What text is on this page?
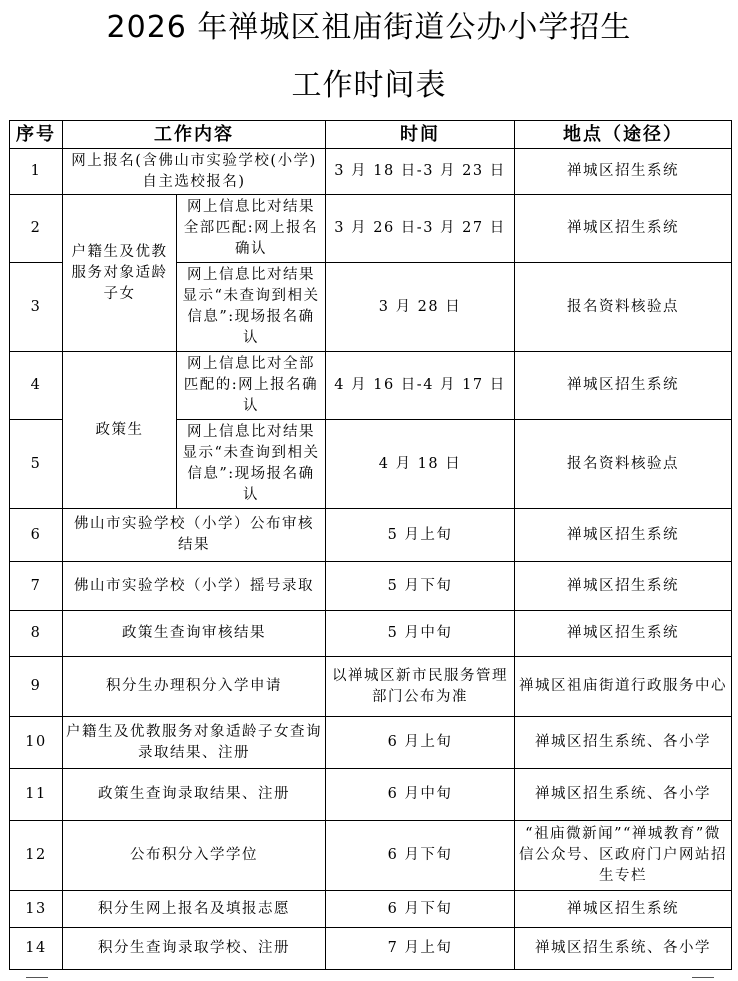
2026 年禅城区祖庙街道公办小学招生
工作时间表
序号	工作内容		时间	地点（途径）
1	网上报名(含佛山市实验学校(小学)自主选校报名)		3 月 18 日-3 月 23 日	禅城区招生系统
2	户籍生及优教服务对象适龄子女	网上信息比对结果全部匹配:网上报名确认	3 月 26 日-3 月 27 日	禅城区招生系统
3		网上信息比对结果显示“未查询到相关信息”:现场报名确认	3 月 28 日	报名资料核验点
4	政策生	网上信息比对全部匹配的:网上报名确认	4 月 16 日-4 月 17 日	禅城区招生系统
5		网上信息比对结果显示“未查询到相关信息”:现场报名确认	4 月 18 日	报名资料核验点
6	佛山市实验学校（小学）公布审核结果		5 月上旬	禅城区招生系统
7	佛山市实验学校（小学）摇号录取		5 月下旬	禅城区招生系统
8	政策生查询审核结果		5 月中旬	禅城区招生系统
9	积分生办理积分入学申请		以禅城区新市民服务管理部门公布为准	禅城区祖庙街道行政服务中心
10	户籍生及优教服务对象适龄子女查询录取结果、注册		6 月上旬	禅城区招生系统、各小学
11	政策生查询录取结果、注册		6 月中旬	禅城区招生系统、各小学
12	公布积分入学学位		6 月下旬	“祖庙微新闻”“禅城教育”微信公众号、区政府门户网站招生专栏
13	积分生网上报名及填报志愿		6 月下旬	禅城区招生系统
14	积分生查询录取学校、注册		7 月上旬	禅城区招生系统、各小学
